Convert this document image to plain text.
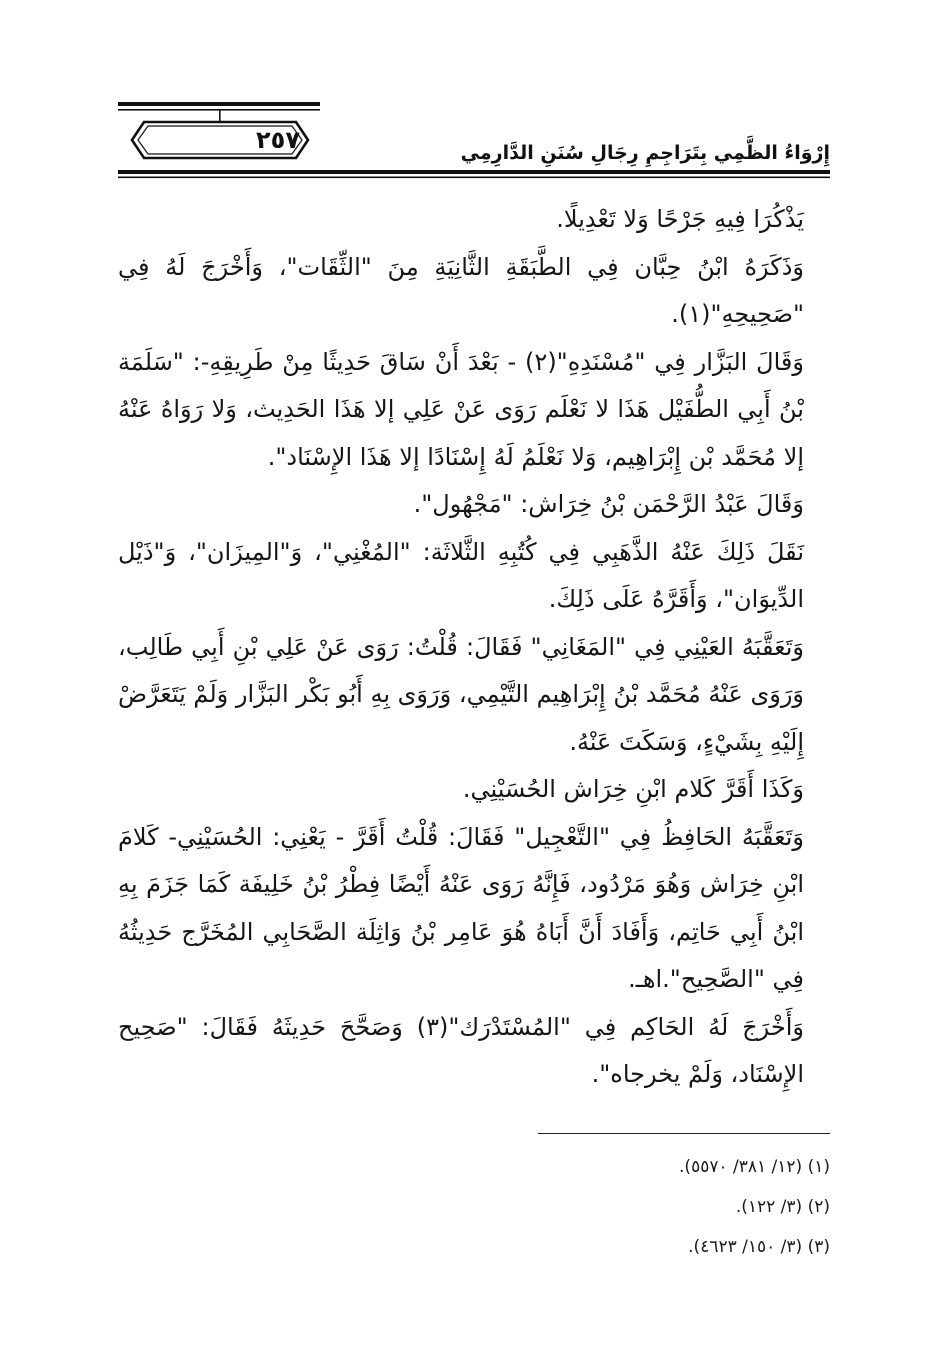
٢٥٧	إِرْوَاءُ الظَّمِي بِتَرَاجِمِ رِجَالِ سُنَنِ الدَّارِمِي

يَذْكُرَا فِيهِ جَرْحًا وَلا تَعْدِيلًا.

وَذَكَرَهُ ابْنُ حِبَّان فِي الطَّبَقَةِ الثَّانِيَةِ مِنَ "الثِّقَات"، وَأَخْرَجَ لَهُ فِي "صَحِيحِهِ"(١).

وَقَالَ البَزَّار فِي "مُسْنَدِهِ"(٢) - بَعْدَ أَنْ سَاقَ حَدِيثًا مِنْ طَرِيقِهِ-: "سَلَمَة بْنُ أَبِي الطُّفَيْل هَذَا لا نَعْلَم رَوَى عَنْ عَلِي إلا هَذَا الحَدِيث، وَلا رَوَاهُ عَنْهُ إلا مُحَمَّد بْن إِبْرَاهِيم، وَلا نَعْلَمُ لَهُ إِسْنَادًا إلا هَذَا الإِسْنَاد".

وَقَالَ عَبْدُ الرَّحْمَن بْنُ خِرَاش: "مَجْهُول".

نَقَلَ ذَلِكَ عَنْهُ الذَّهَبِي فِي كُتُبِهِ الثَّلاثَة: "المُغْنِي"، وَ"المِيزَان"، وَ"ذَيْل الدِّيوَان"، وَأَقَرَّهُ عَلَى ذَلِكَ.

وَتَعَقَّبَهُ العَيْنِي فِي "المَغَانِي" فَقَالَ: قُلْتُ: رَوَى عَنْ عَلِي بْنِ أَبِي طَالِب، وَرَوَى عَنْهُ مُحَمَّد بْنُ إِبْرَاهِيم التَّيْمِي، وَرَوَى بِهِ أَبُو بَكْر البَزَّار وَلَمْ يَتَعَرَّضْ إِلَيْهِ بِشَيْءٍ، وَسَكَتَ عَنْهُ.

وَكَذَا أَقَرَّ كَلام ابْنِ خِرَاش الحُسَيْنِي.

وَتَعَقَّبَهُ الحَافِظُ فِي "التَّعْجِيل" فَقَالَ: قُلْتُ أَقَرَّ - يَعْنِي: الحُسَيْنِي- كَلامَ ابْنِ خِرَاش وَهُوَ مَرْدُود، فَإِنَّهُ رَوَى عَنْهُ أَيْضًا فِطْرُ بْنُ خَلِيفَة كَمَا جَزَمَ بِهِ ابْنُ أَبِي حَاتِم، وَأَفَادَ أَنَّ أَبَاهُ هُوَ عَامِر بْنُ وَاثِلَة الصَّحَابِي المُخَرَّج حَدِيثُهُ فِي "الصَّحِيح".اهـ.

وَأَخْرَجَ لَهُ الحَاكِم فِي "المُسْتَدْرَك"(٣) وَصَحَّحَ حَدِيثَهُ فَقَالَ: "صَحِيح الإِسْنَاد، وَلَمْ يخرجاه".

(١) (١٢/ ٣٨١/ ٥٥٧٠).
(٢) (٣/ ١٢٢).
(٣) (٣/ ١٥٠/ ٤٦٢٣).
